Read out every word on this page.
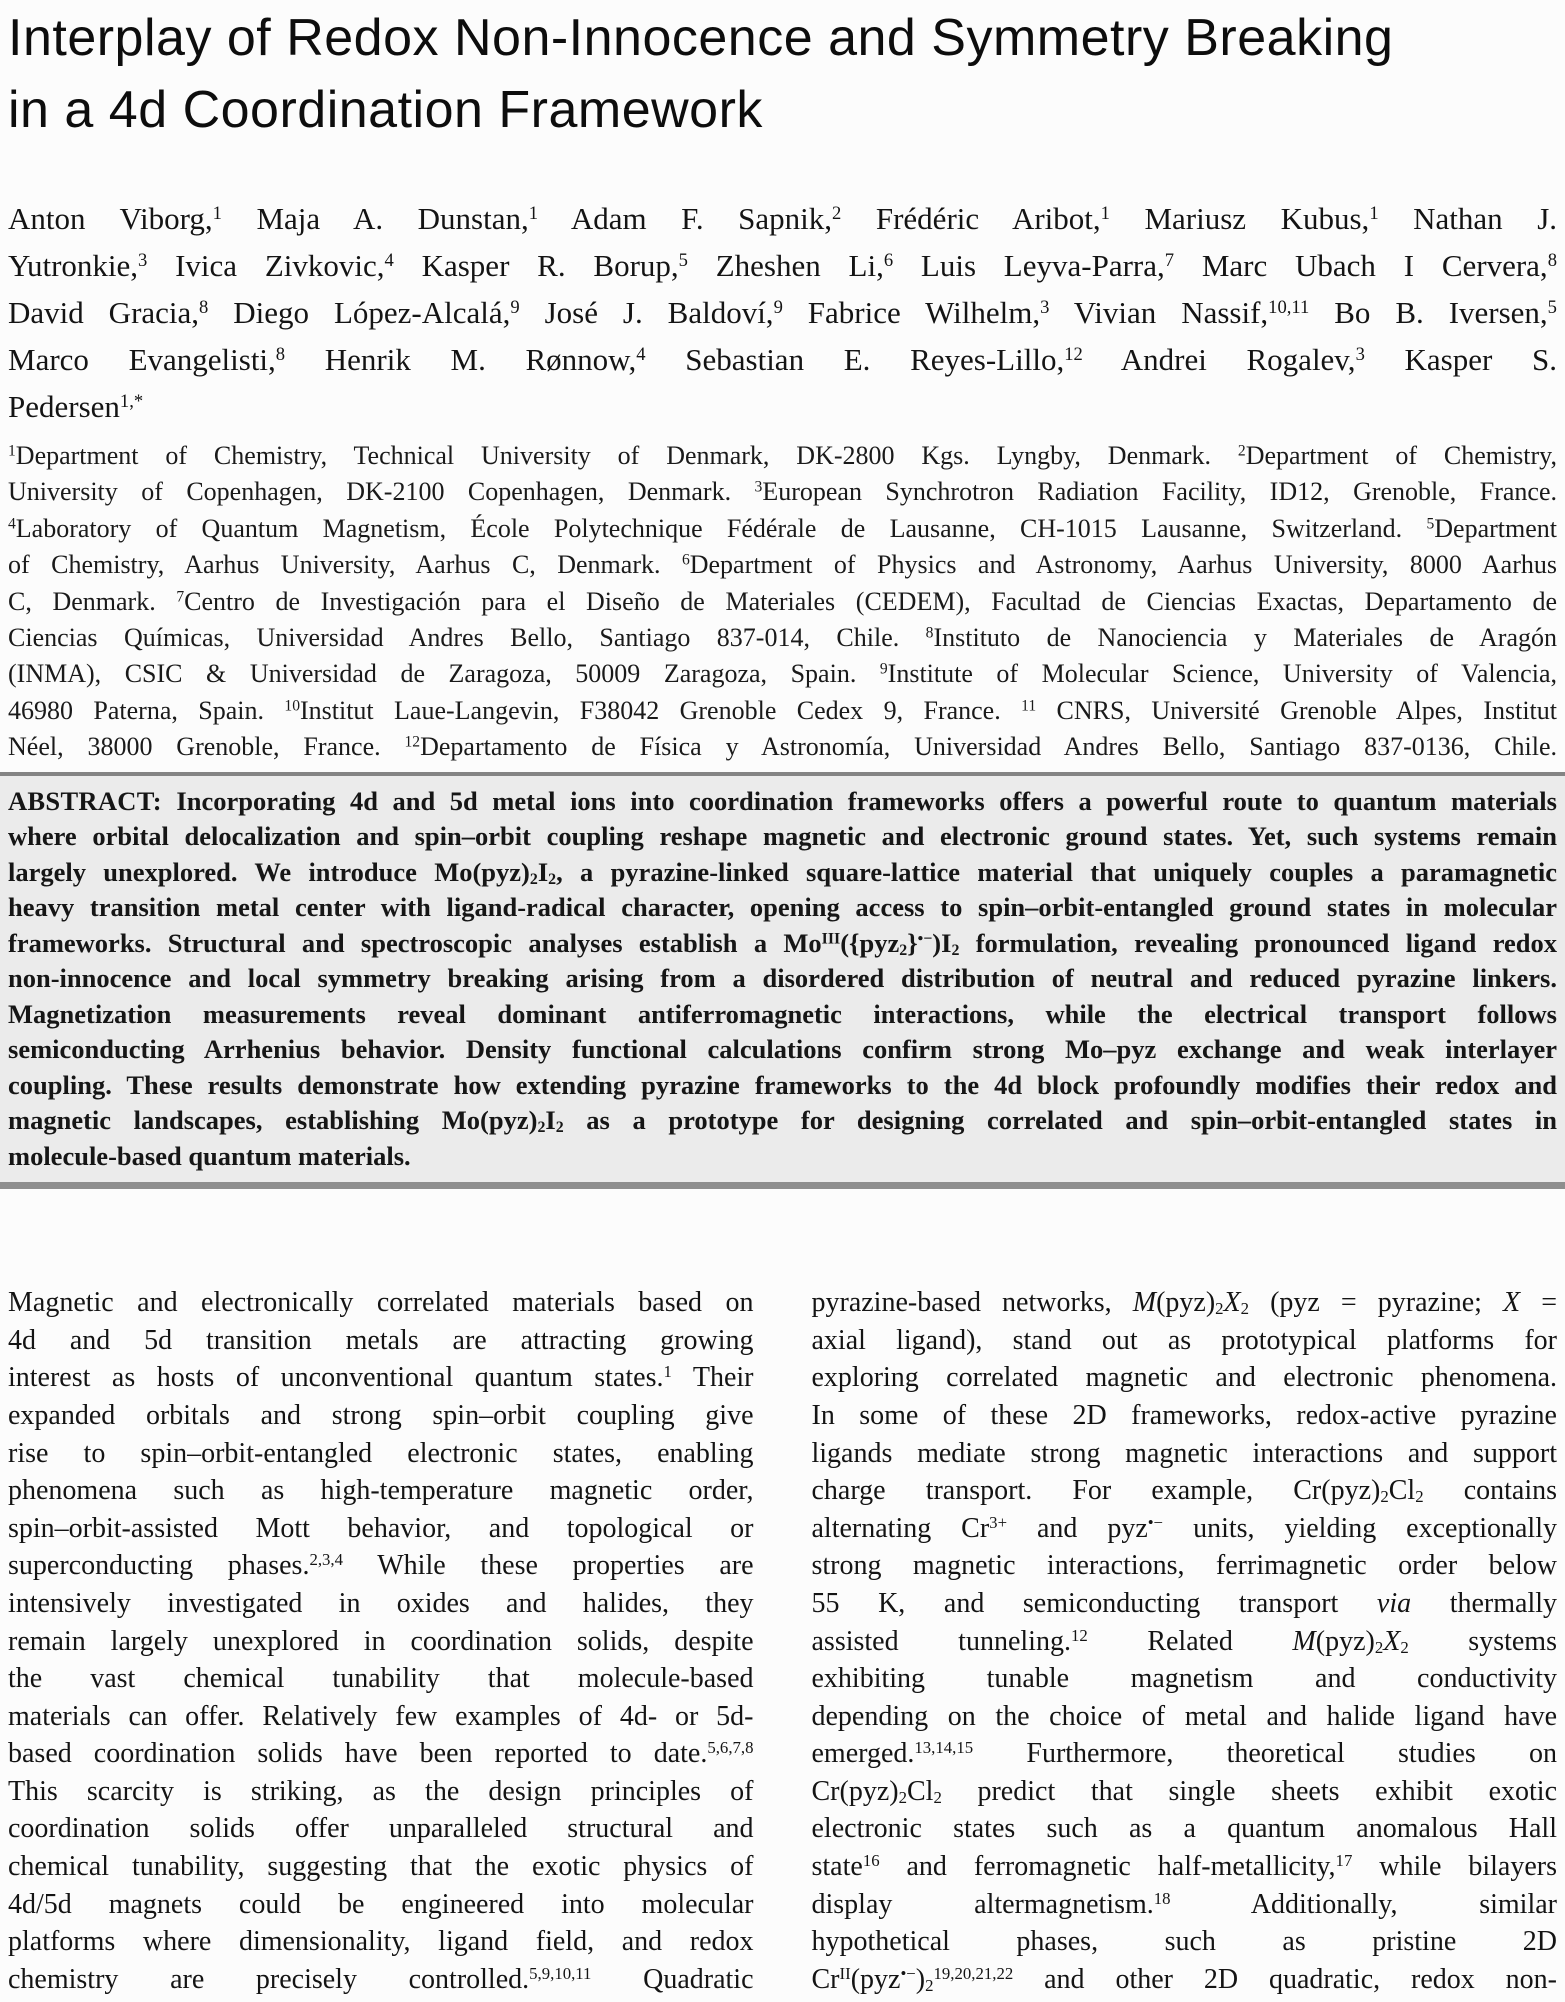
Interplay of Redox Non-Innocence and Symmetry Breaking
in a 4d Coordination Framework
Anton Viborg,$^1$ Maja A. Dunstan,$^1$ Adam F. Sapnik,$^2$ Frédéric Aribot,$^1$ Mariusz Kubus,$^1$ Nathan J.
Yutronkie,$^3$ Ivica Zivkovic,$^4$ Kasper R. Borup,$^5$ Zheshen Li,$^6$ Luis Leyva-Parra,$^7$ Marc Ubach I Cervera,$^8$
David Gracia,$^8$ Diego López-Alcalá,$^9$ José J. Baldoví,$^9$ Fabrice Wilhelm,$^3$ Vivian Nassif,$^{10,11}$ Bo B. Iversen,$^5$
Marco Evangelisti,$^8$ Henrik M. Rønnow,$^4$ Sebastian E. Reyes-Lillo,$^{12}$ Andrei Rogalev,$^3$ Kasper S.
Pedersen$^{1,*}$
$^1$Department of Chemistry, Technical University of Denmark, DK-2800 Kgs. Lyngby, Denmark. $^2$Department of Chemistry,
University of Copenhagen, DK-2100 Copenhagen, Denmark. $^3$European Synchrotron Radiation Facility, ID12, Grenoble, France.
$^4$Laboratory of Quantum Magnetism, École Polytechnique Fédérale de Lausanne, CH-1015 Lausanne, Switzerland. $^5$Department
of Chemistry, Aarhus University, Aarhus C, Denmark. $^6$Department of Physics and Astronomy, Aarhus University, 8000 Aarhus
C, Denmark. $^7$Centro de Investigación para el Diseño de Materiales (CEDEM), Facultad de Ciencias Exactas, Departamento de
Ciencias Químicas, Universidad Andres Bello, Santiago 837-014, Chile. $^8$Instituto de Nanociencia y Materiales de Aragón
(INMA), CSIC & Universidad de Zaragoza, 50009 Zaragoza, Spain. $^9$Institute of Molecular Science, University of Valencia,
46980 Paterna, Spain. $^{10}$Institut Laue-Langevin, F38042 Grenoble Cedex 9, France. $^{11}$ CNRS, Université Grenoble Alpes, Institut
Néel, 38000 Grenoble, France. $^{12}$Departamento de Física y Astronomía, Universidad Andres Bello, Santiago 837-0136, Chile.
ABSTRACT: Incorporating 4d and 5d metal ions into coordination frameworks offers a powerful route to quantum materials
where orbital delocalization and spin–orbit coupling reshape magnetic and electronic ground states. Yet, such systems remain
largely unexplored. We introduce $Mo(pyz)_2I_2$, a pyrazine-linked square-lattice material that uniquely couples a paramagnetic
heavy transition metal center with ligand-radical character, opening access to spin–orbit-entangled ground states in molecular
frameworks. Structural and spectroscopic analyses establish a $Mo^{III}(\{pyz_2\}^{•-})I_2$ formulation, revealing pronounced ligand redox
non-innocence and local symmetry breaking arising from a disordered distribution of neutral and reduced pyrazine linkers.
Magnetization measurements reveal dominant antiferromagnetic interactions, while the electrical transport follows
semiconducting Arrhenius behavior. Density functional calculations confirm strong Mo–pyz exchange and weak interlayer
coupling. These results demonstrate how extending pyrazine frameworks to the 4d block profoundly modifies their redox and
magnetic landscapes, establishing $Mo(pyz)_2I_2$ as a prototype for designing correlated and spin–orbit-entangled states in
molecule-based quantum materials.
Magnetic and electronically correlated materials based on
4d and 5d transition metals are attracting growing
interest as hosts of unconventional quantum states.$^1$ Their
expanded orbitals and strong spin–orbit coupling give
rise to spin–orbit-entangled electronic states, enabling
phenomena such as high-temperature magnetic order,
spin–orbit-assisted Mott behavior, and topological or
superconducting phases.$^{2,3,4}$ While these properties are
intensively investigated in oxides and halides, they
remain largely unexplored in coordination solids, despite
the vast chemical tunability that molecule-based
materials can offer. Relatively few examples of 4d- or 5d-
based coordination solids have been reported to date.$^{5,6,7,8}$
This scarcity is striking, as the design principles of
coordination solids offer unparalleled structural and
chemical tunability, suggesting that the exotic physics of
4d/5d magnets could be engineered into molecular
platforms where dimensionality, ligand field, and redox
chemistry are precisely controlled.$^{5,9,10,11}$ Quadratic
pyrazine-based networks, $M(pyz)_2X_2$ (pyz = pyrazine; X =
axial ligand), stand out as prototypical platforms for
exploring correlated magnetic and electronic phenomena.
In some of these 2D frameworks, redox-active pyrazine
ligands mediate strong magnetic interactions and support
charge transport. For example, $Cr(pyz)_2Cl_2$ contains
alternating $Cr^{3+}$ and pyz•− units, yielding exceptionally
strong magnetic interactions, ferrimagnetic order below
55 K, and semiconducting transport via thermally
assisted tunneling.$^{12}$ Related $M(pyz)_2X_2$ systems
exhibiting tunable magnetism and conductivity
depending on the choice of metal and halide ligand have
emerged.$^{13,14,15}$ Furthermore, theoretical studies on
$Cr(pyz)_2Cl_2$ predict that single sheets exhibit exotic
electronic states such as a quantum anomalous Hall
state$^{16}$ and ferromagnetic half-metallicity,$^{17}$ while bilayers
display altermagnetism.$^{18}$ Additionally, similar
hypothetical phases, such as pristine 2D
$Cr^{II}(pyz^{•-})_2^{19,20,21,22}$ and other 2D quadratic, redox non-
